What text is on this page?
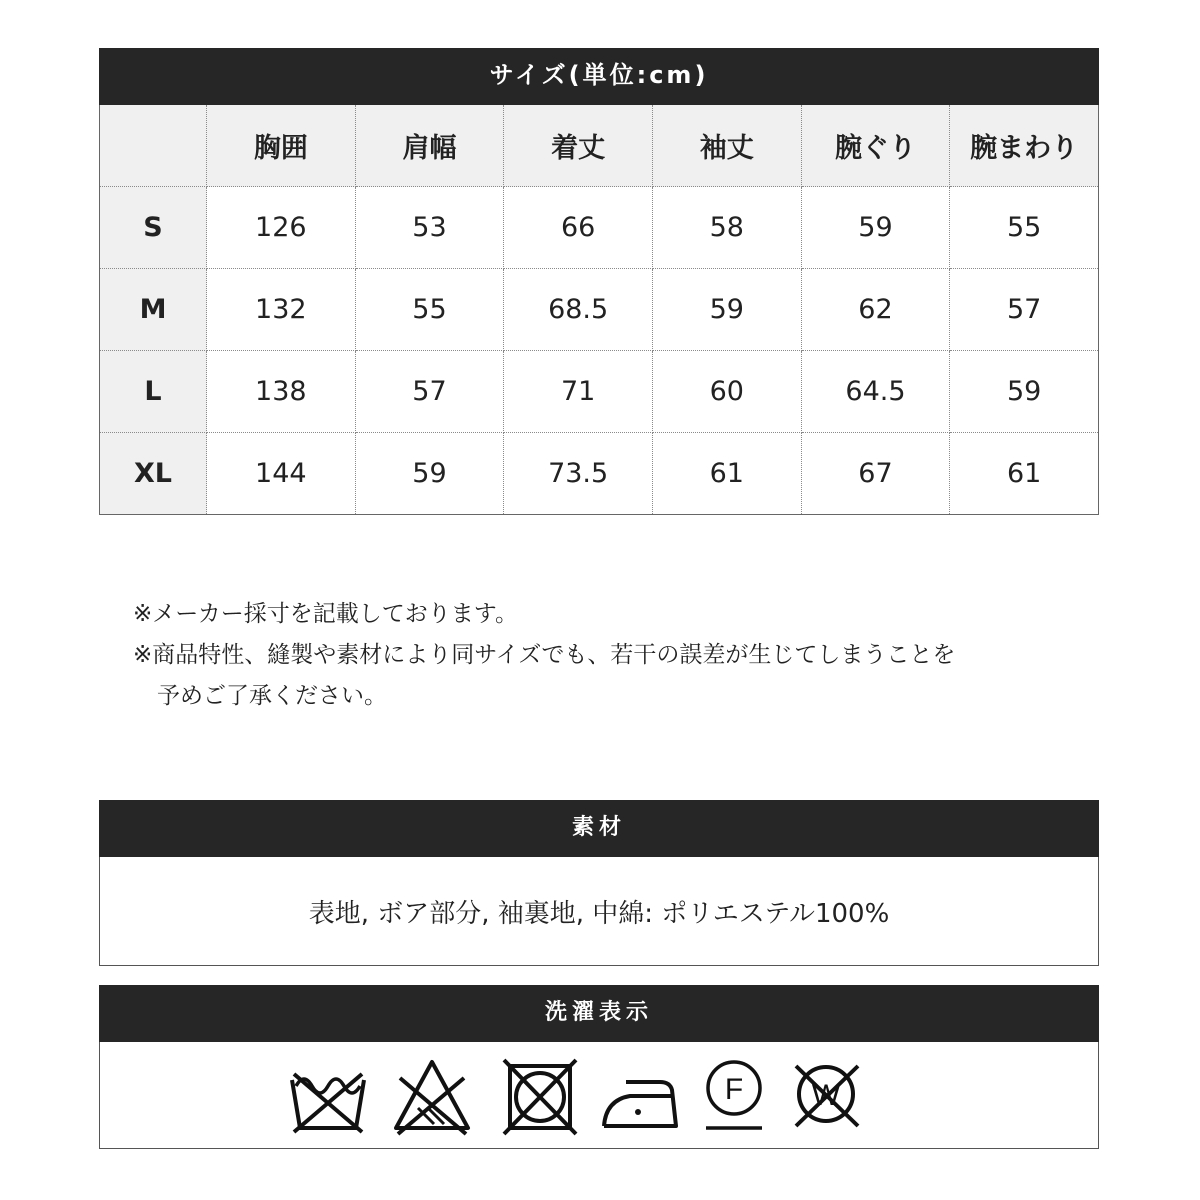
サイズ(単位:cm)
	胸囲	肩幅	着丈	袖丈	腕ぐり	腕まわり
S	126	53	66	58	59	55
M	132	55	68.5	59	62	57
L	138	57	71	60	64.5	59
XL	144	59	73.5	61	67	61
※メーカー採寸を記載しております。
※商品特性、縫製や素材により同サイズでも、若干の誤差が生じてしまうことを
予めご了承ください。
素材
表地, ボア部分, 袖裏地, 中綿: ポリエステル100%
洗濯表示
F W
